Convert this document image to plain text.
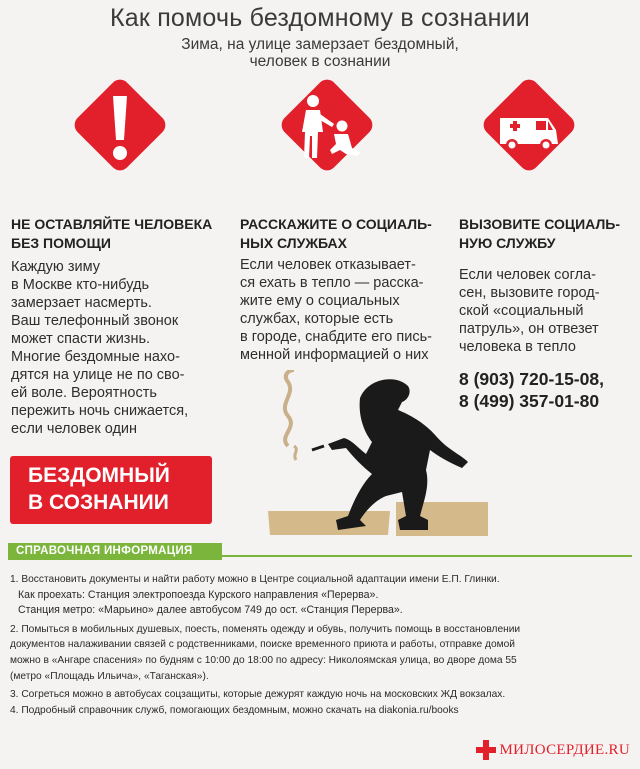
Как помочь бездомному в сознании
Зима, на улице замерзает бездомный,
человек в сознании
НЕ ОСТАВЛЯЙТЕ ЧЕЛОВЕКА
БЕЗ ПОМОЩИ
Каждую зиму
в Москве кто-нибудь
замерзает насмерть.
Ваш телефонный звонок
может спасти жизнь.
Многие бездомные нахо-
дятся на улице не по сво-
ей воле. Вероятность
пережить ночь снижается,
если человек один
РАССКАЖИТЕ О СОЦИАЛЬ-
НЫХ СЛУЖБАХ
Если человек отказывает-
ся ехать в тепло — расска-
жите ему о социальных
службах, которые есть
в городе, снабдите его пись-
менной информацией о них
ВЫЗОВИТЕ СОЦИАЛЬ-
НУЮ СЛУЖБУ
Если человек согла-
сен, вызовите город-
ской «социальный
патруль», он отвезет
человека в тепло
8 (903) 720-15-08,
8 (499) 357-01-80
БЕЗДОМНЫЙ
В СОЗНАНИИ
СПРАВОЧНАЯ ИНФОРМАЦИЯ

1. Восстановить документы и найти работу можно в Центре социальной адаптации имени Е.П. Глинки.

Как проехать: Станция электропоезда Курского направления «Перерва».

Станция метро: «Марьино» далее автобусом 749 до ост. «Станция Перерва».

2. Помыться в мобильных душевых, поесть, поменять одежду и обувь, получить помощь в восстановлении

документов налаживании связей с родственниками, поиске временного приюта и работы, отправке домой

можно в «Ангаре спасения» по будням с 10:00 до 18:00 по адресу: Николоямская улица, во дворе дома 55

(метро «Площадь Ильича», «Таганская»).

3. Согреться можно в автобусах соцзащиты, которые дежурят каждую ночь на московских ЖД вокзалах.

4. Подробный справочник служб, помогающих бездомным, можно скачать на diakonia.ru/books

МИЛОСЕРДИЕ.RU
